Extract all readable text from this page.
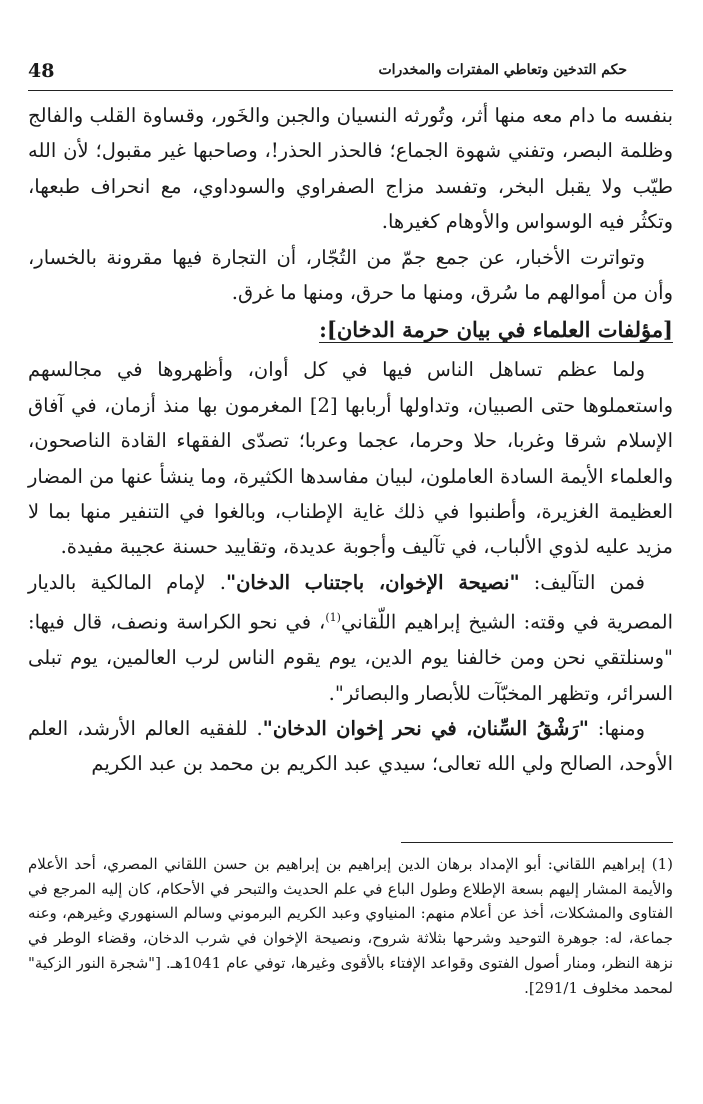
حكم التدخين وتعاطي المفترات والمخدرات
48

بنفسه ما دام معه منها أثر، وتُورثه النسيان والجبن والخَور، وقساوة القلب والفالج وظلمة البصر، وتفني شهوة الجماع؛ فالحذر الحذر!، وصاحبها غير مقبول؛ لأن الله طيّب ولا يقبل البخر، وتفسد مزاج الصفراوي والسوداوي، مع انحراف طبعها، وتكثُر فيه الوسواس والأوهام كغيرها.

وتواترت الأخبار، عن جمع جمّ من التُجّار، أن التجارة فيها مقرونة بالخسار، وأن من أموالهم ما سُرق، ومنها ما حرق، ومنها ما غرق.

[مؤلفات العلماء في بيان حرمة الدخان]:

ولما عظم تساهل الناس فيها في كل أوان، وأظهروها في مجالسهم واستعملوها حتى الصبيان، وتداولها أربابها [2] المغرمون بها منذ أزمان، في آفاق الإسلام شرقا وغربا، حلا وحرما، عجما وعربا؛ تصدّى الفقهاء القادة الناصحون، والعلماء الأيمة السادة العاملون، لبيان مفاسدها الكثيرة، وما ينشأ عنها من المضار العظيمة الغزيرة، وأطنبوا في ذلك غاية الإطناب، وبالغوا في التنفير منها بما لا مزيد عليه لذوي الألباب، في تآليف وأجوبة عديدة، وتقاييد حسنة عجيبة مفيدة.

فمن التآليف: "نصيحة الإخوان، باجتناب الدخان". لإمام المالكية بالديار المصرية في وقته: الشيخ إبراهيم اللّقاني$^{(1)}$، في نحو الكراسة ونصف، قال فيها: "وسنلتقي نحن ومن خالفنا يوم الدين، يوم يقوم الناس لرب العالمين، يوم تبلى السرائر، وتظهر المخبّآت للأبصار والبصائر".

ومنها: "رَشْقُ السِّنان، في نحر إخوان الدخان". للفقيه العالم الأرشد، العلم الأوحد، الصالح ولي الله تعالى؛ سيدي عبد الكريم بن محمد بن عبد الكريم

(1) إبراهيم اللقاني: أبو الإمداد برهان الدين إبراهيم بن إبراهيم بن حسن اللقاني المصري، أحد الأعلام والأيمة المشار إليهم بسعة الإطلاع وطول الباع في علم الحديث والتبحر في الأحكام، كان إليه المرجع في الفتاوى والمشكلات، أخذ عن أعلام منهم: المنياوي وعبد الكريم البرموني وسالم السنهوري وغيرهم، وعنه جماعة، له: جوهرة التوحيد وشرحها بثلاثة شروح، ونصيحة الإخوان في شرب الدخان، وقضاء الوطر في نزهة النظر، ومنار أصول الفتوى وقواعد الإفتاء بالأقوى وغيرها، توفي عام 1041هـ. ["شجرة النور الزكية" لمحمد مخلوف 291/1].
